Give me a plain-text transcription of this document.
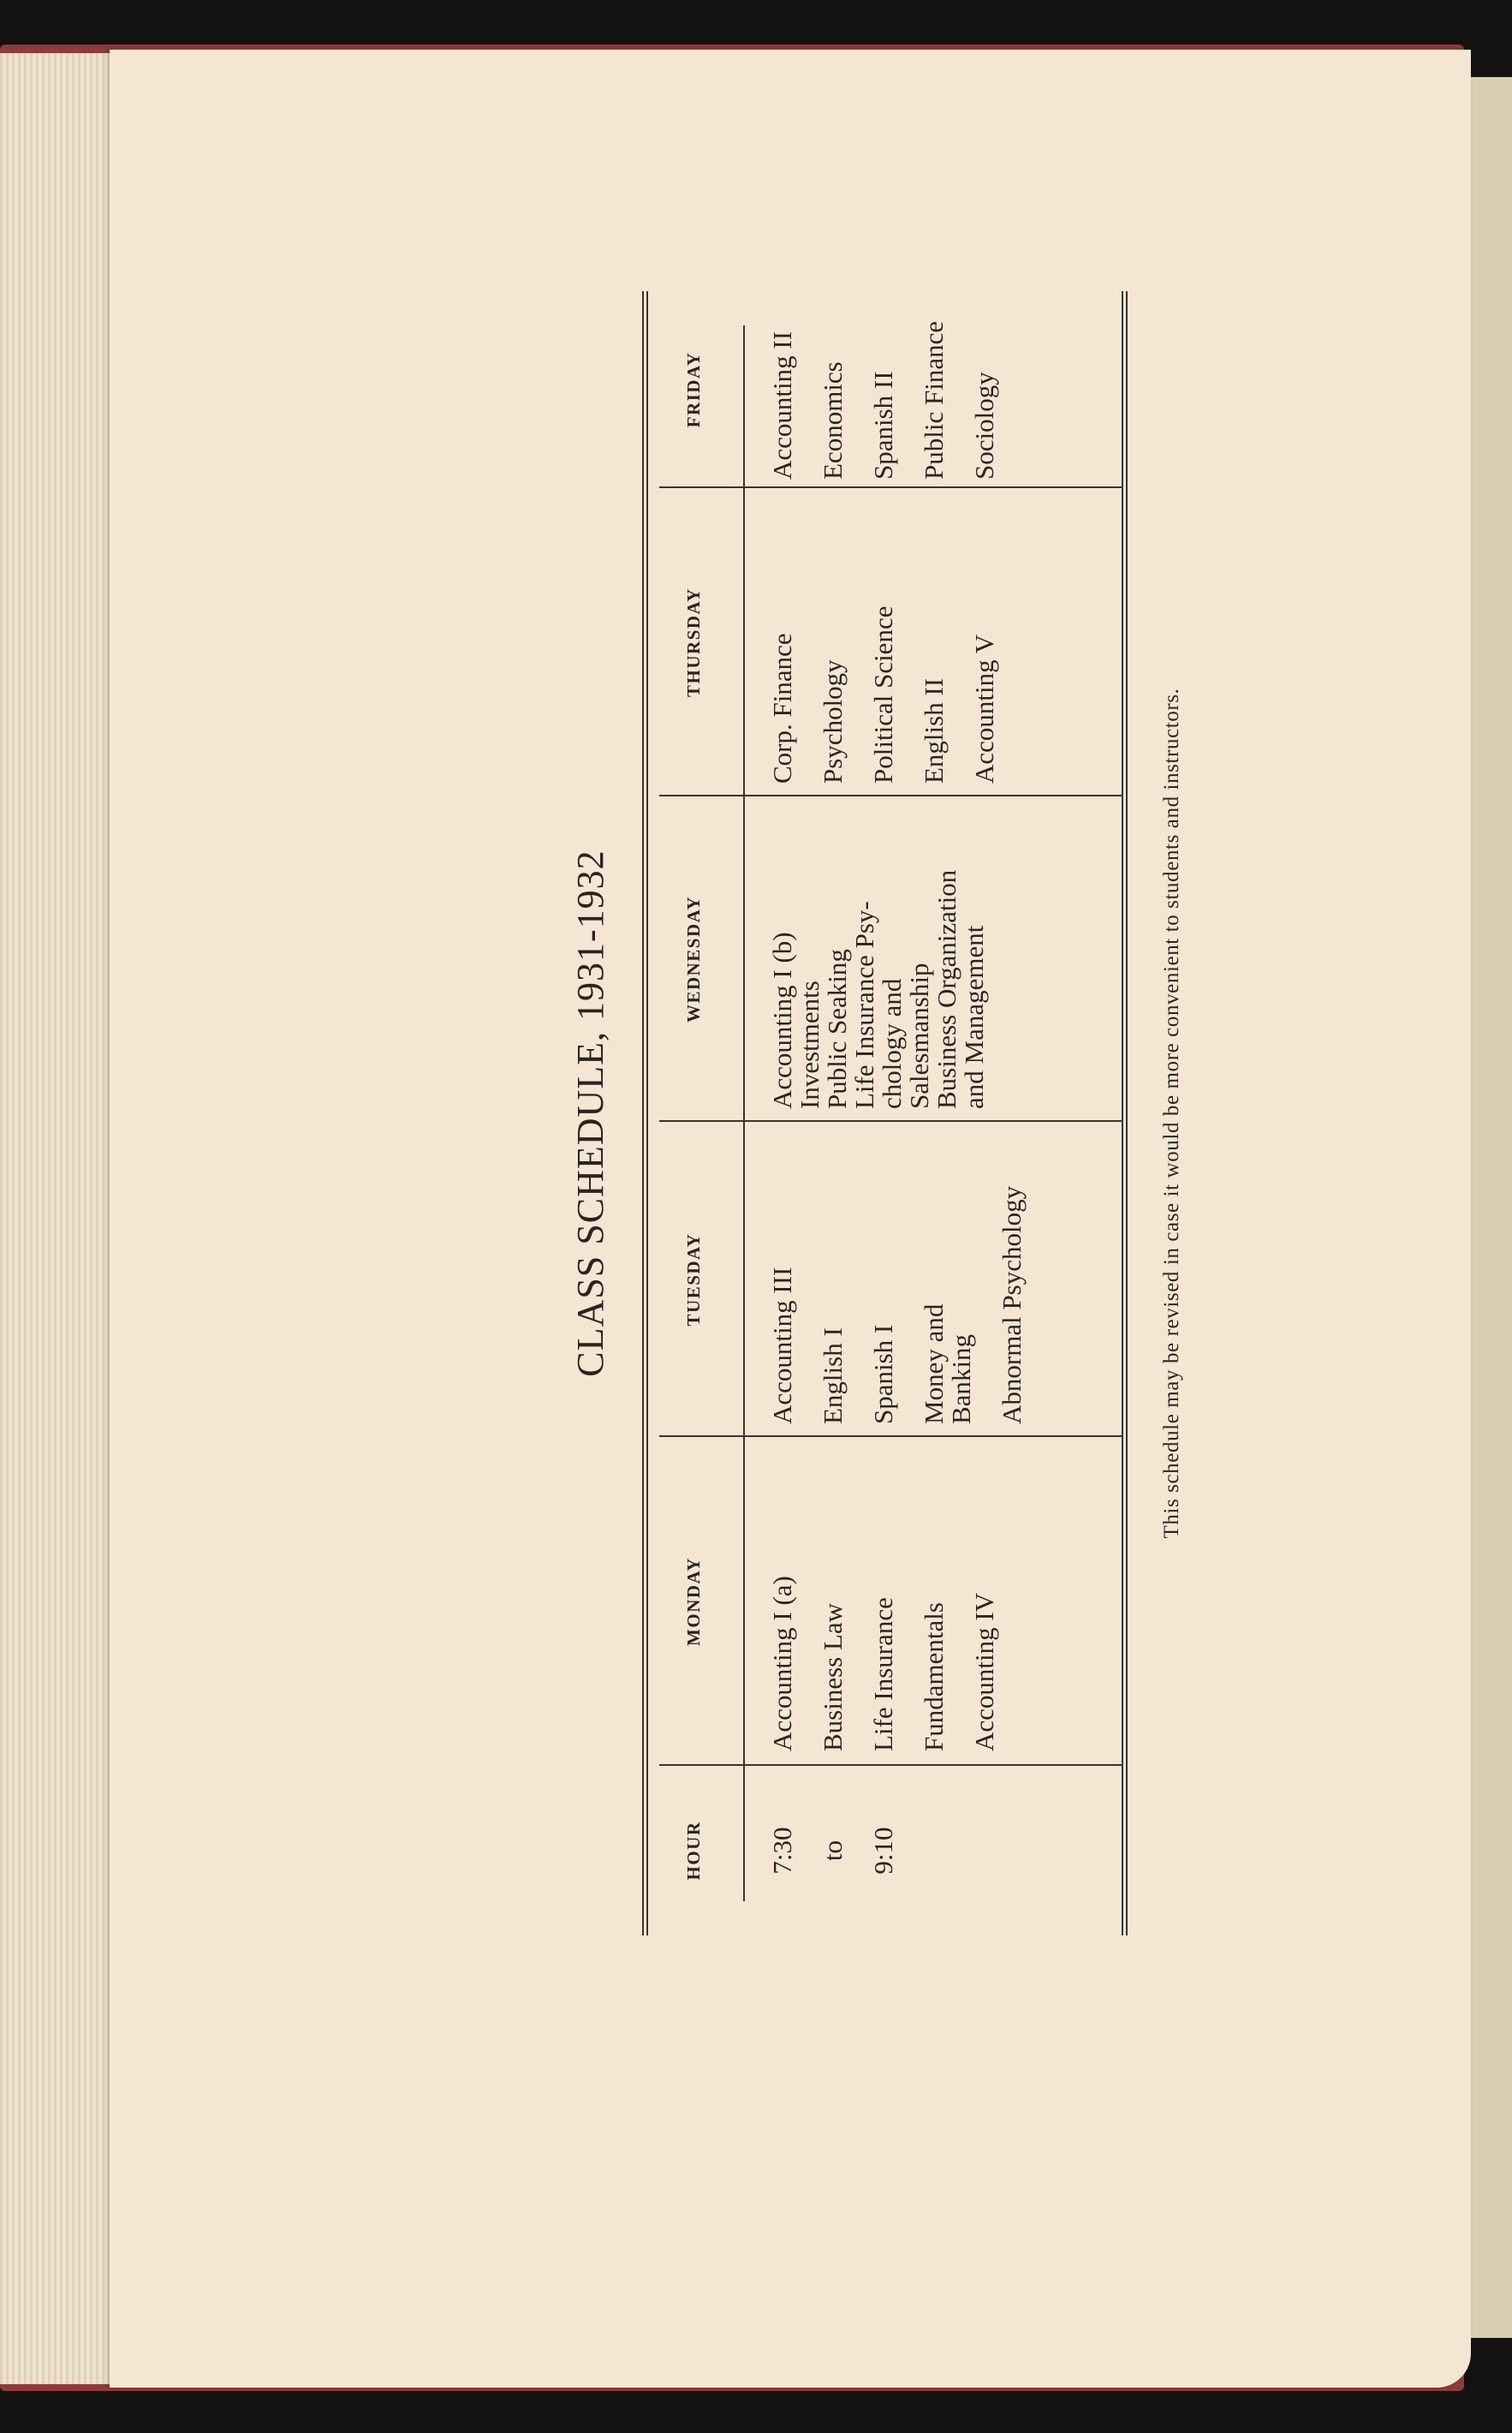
CLASS SCHEDULE, 1931-1932
HOUR
MONDAY
TUESDAY
WEDNESDAY
THURSDAY
FRIDAY
7:30 to 9:10
Accounting I (a) Business Law Life Insurance Fundamentals Accounting IV
Accounting III English I Spanish I Money and
Banking Abnormal Psychology
Accounting I (b)
Investments
Public Seaking
Life Insurance Psy-
chology and
Salesmanship
Business Organization
and Management
Corp. Finance Psychology Political Science English II Accounting V
Accounting II Economics Spanish II Public Finance Sociology
This schedule may be revised in case it would be more convenient to students and instructors.
